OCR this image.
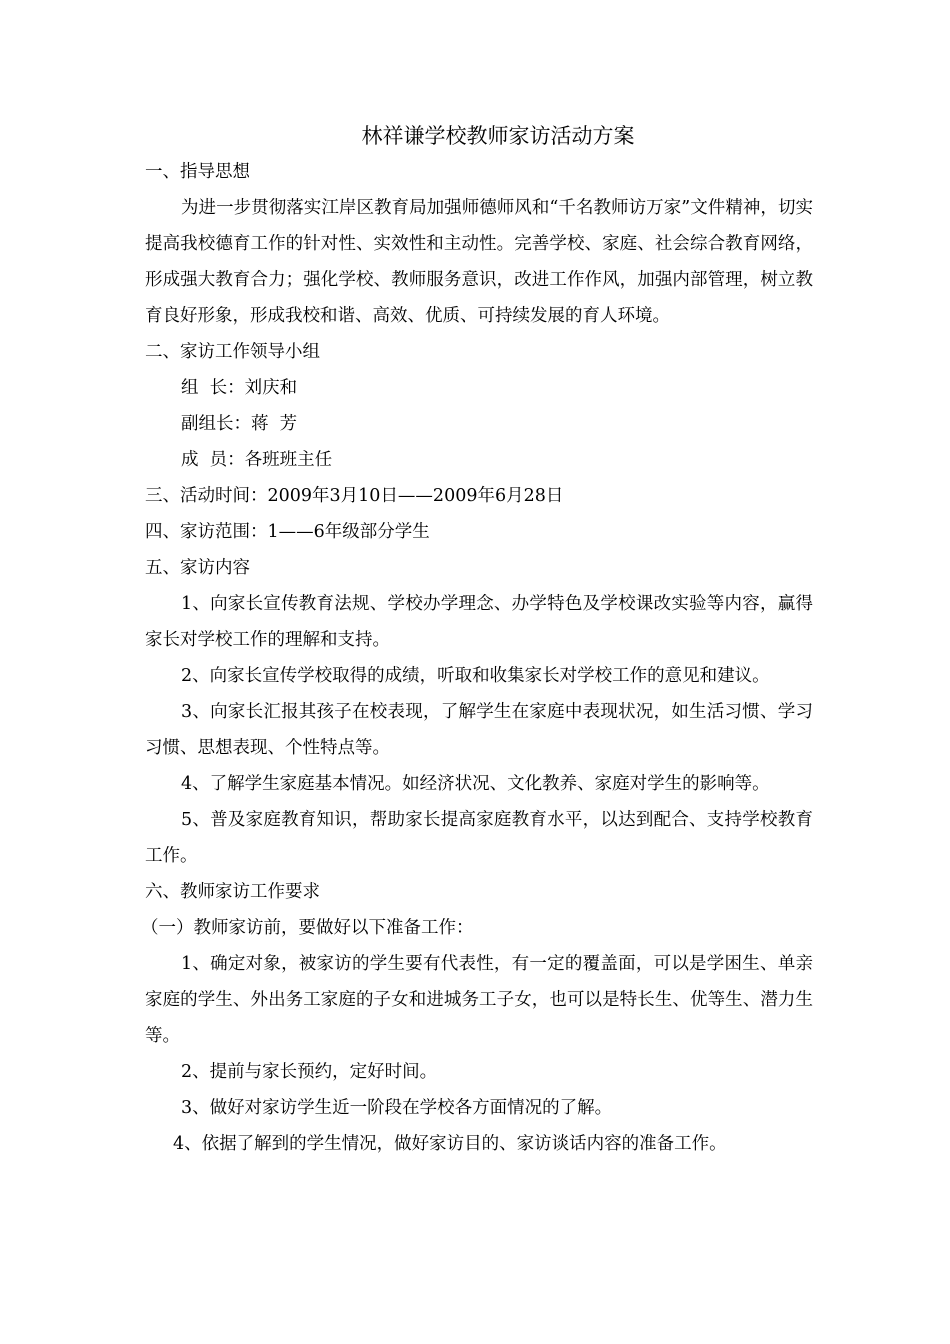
林祥谦学校教师家访活动方案

一、指导思想

为进一步贯彻落实江岸区教育局加强师德师风和“千名教师访万家”文件精神，切实提高我校德育工作的针对性、实效性和主动性。完善学校、家庭、社会综合教育网络，形成强大教育合力；强化学校、教师服务意识，改进工作作风，加强内部管理，树立教育良好形象，形成我校和谐、高效、优质、可持续发展的育人环境。

二、家访工作领导小组

组  长：刘庆和

副组长：蒋  芳

成  员：各班班主任

三、活动时间：2009年3月10日——2009年6月28日

四、家访范围：1——6年级部分学生

五、家访内容

1、向家长宣传教育法规、学校办学理念、办学特色及学校课改实验等内容，赢得家长对学校工作的理解和支持。

2、向家长宣传学校取得的成绩，听取和收集家长对学校工作的意见和建议。

3、向家长汇报其孩子在校表现，了解学生在家庭中表现状况，如生活习惯、学习习惯、思想表现、个性特点等。

4、了解学生家庭基本情况。如经济状况、文化教养、家庭对学生的影响等。

5、普及家庭教育知识，帮助家长提高家庭教育水平，以达到配合、支持学校教育工作。

六、教师家访工作要求

（一）教师家访前，要做好以下准备工作：

1、确定对象，被家访的学生要有代表性，有一定的覆盖面，可以是学困生、单亲家庭的学生、外出务工家庭的子女和进城务工子女，也可以是特长生、优等生、潜力生等。

2、提前与家长预约，定好时间。

3、做好对家访学生近一阶段在学校各方面情况的了解。

4、依据了解到的学生情况，做好家访目的、家访谈话内容的准备工作。
